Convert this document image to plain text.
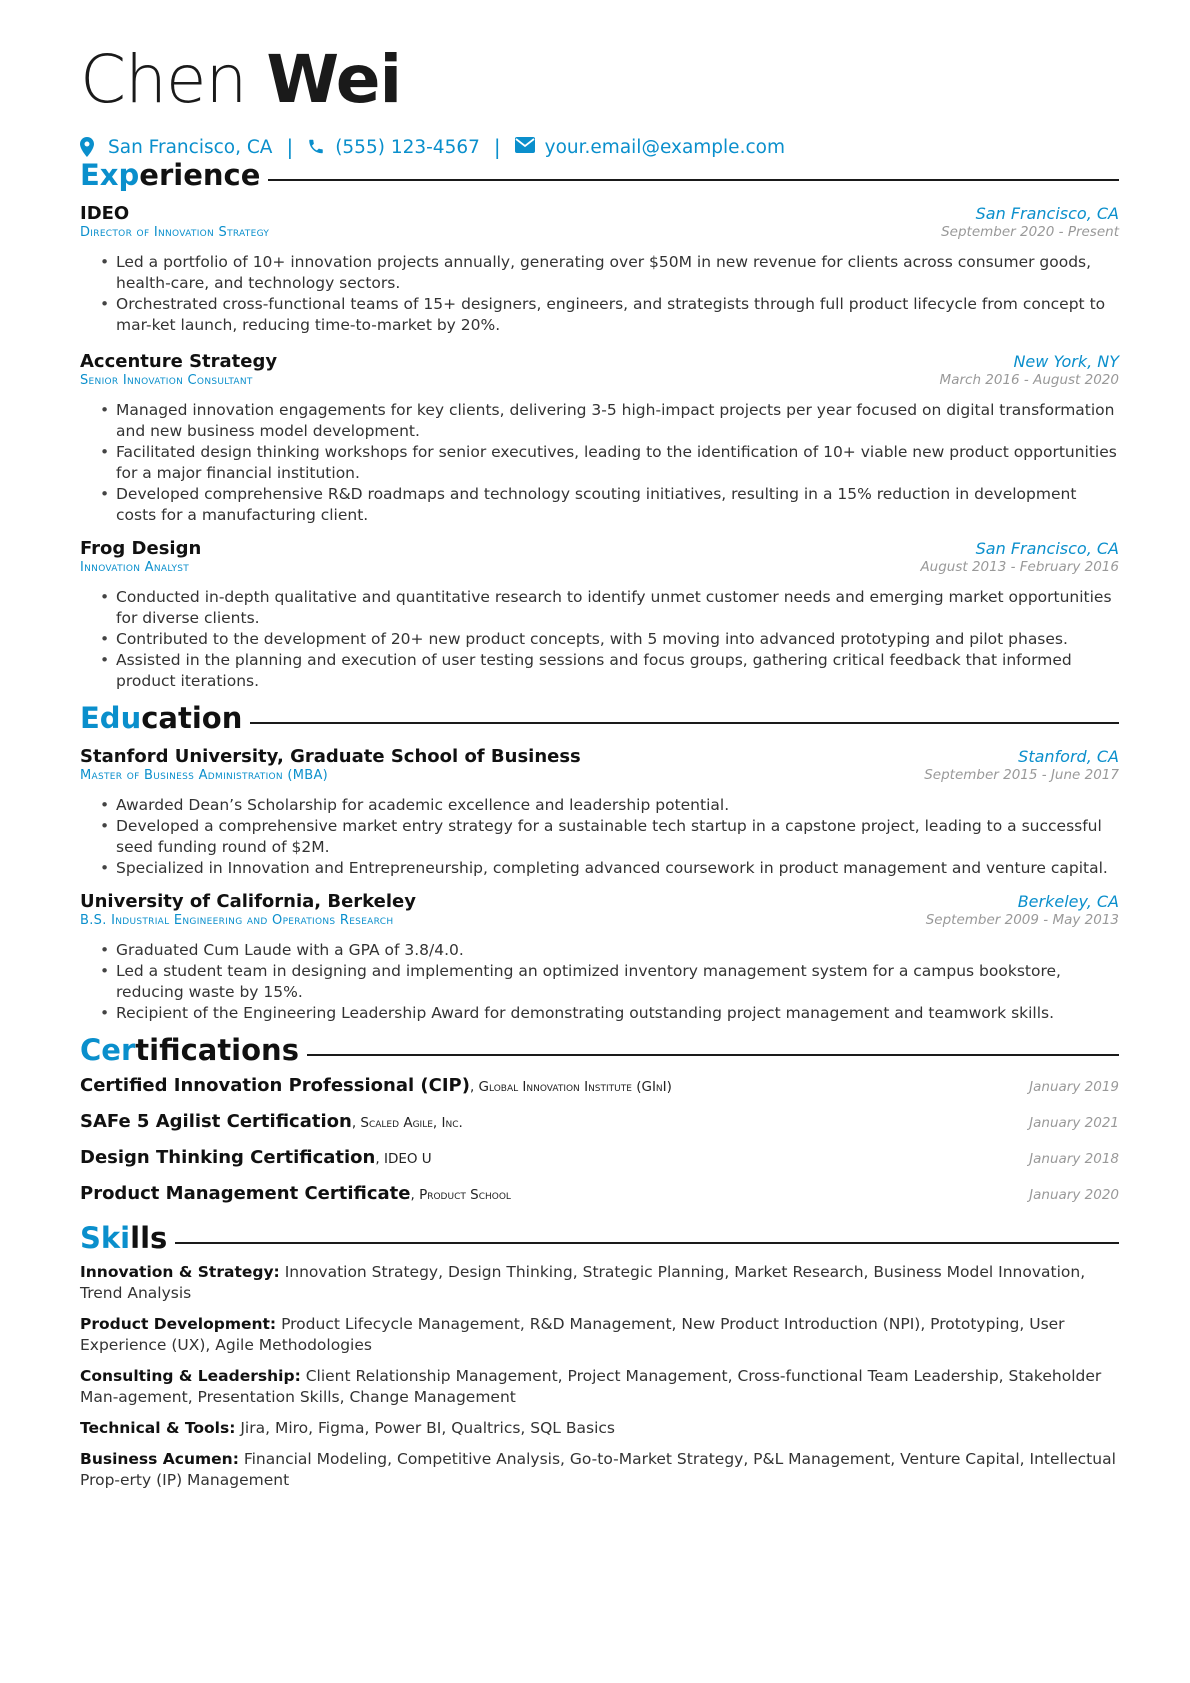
Chen Wei
San Francisco, CA | (555) 123-4567 | your.email@example.com
Experience
IDEO	San Francisco, CA
Director of Innovation Strategy	September 2020 - Present
• Led a portfolio of 10+ innovation projects annually, generating over $50M in new revenue for clients across consumer goods, health-care, and technology sectors.
• Orchestrated cross-functional teams of 15+ designers, engineers, and strategists through full product lifecycle from concept to mar-ket launch, reducing time-to-market by 20%.
Accenture Strategy	New York, NY
Senior Innovation Consultant	March 2016 - August 2020
• Managed innovation engagements for key clients, delivering 3-5 high-impact projects per year focused on digital transformation and new business model development.
• Facilitated design thinking workshops for senior executives, leading to the identification of 10+ viable new product opportunities for a major financial institution.
• Developed comprehensive R&D roadmaps and technology scouting initiatives, resulting in a 15% reduction in development costs for a manufacturing client.
Frog Design	San Francisco, CA
Innovation Analyst	August 2013 - February 2016
• Conducted in-depth qualitative and quantitative research to identify unmet customer needs and emerging market opportunities for diverse clients.
• Contributed to the development of 20+ new product concepts, with 5 moving into advanced prototyping and pilot phases.
• Assisted in the planning and execution of user testing sessions and focus groups, gathering critical feedback that informed product iterations.
Education
Stanford University, Graduate School of Business	Stanford, CA
Master of Business Administration (MBA)	September 2015 - June 2017
• Awarded Dean’s Scholarship for academic excellence and leadership potential.
• Developed a comprehensive market entry strategy for a sustainable tech startup in a capstone project, leading to a successful seed funding round of $2M.
• Specialized in Innovation and Entrepreneurship, completing advanced coursework in product management and venture capital.
University of California, Berkeley	Berkeley, CA
B.S. Industrial Engineering and Operations Research	September 2009 - May 2013
• Graduated Cum Laude with a GPA of 3.8/4.0.
• Led a student team in designing and implementing an optimized inventory management system for a campus bookstore, reducing waste by 15%.
• Recipient of the Engineering Leadership Award for demonstrating outstanding project management and teamwork skills.
Certifications
Certified Innovation Professional (CIP), Global Innovation Institute (GInI)	January 2019
SAFe 5 Agilist Certification, Scaled Agile, Inc.	January 2021
Design Thinking Certification, IDEO U	January 2018
Product Management Certificate, Product School	January 2020
Skills
Innovation & Strategy: Innovation Strategy, Design Thinking, Strategic Planning, Market Research, Business Model Innovation, Trend Analysis
Product Development: Product Lifecycle Management, R&D Management, New Product Introduction (NPI), Prototyping, User Experience (UX), Agile Methodologies
Consulting & Leadership: Client Relationship Management, Project Management, Cross-functional Team Leadership, Stakeholder Man-agement, Presentation Skills, Change Management
Technical & Tools: Jira, Miro, Figma, Power BI, Qualtrics, SQL Basics
Business Acumen: Financial Modeling, Competitive Analysis, Go-to-Market Strategy, P&L Management, Venture Capital, Intellectual Prop-erty (IP) Management
